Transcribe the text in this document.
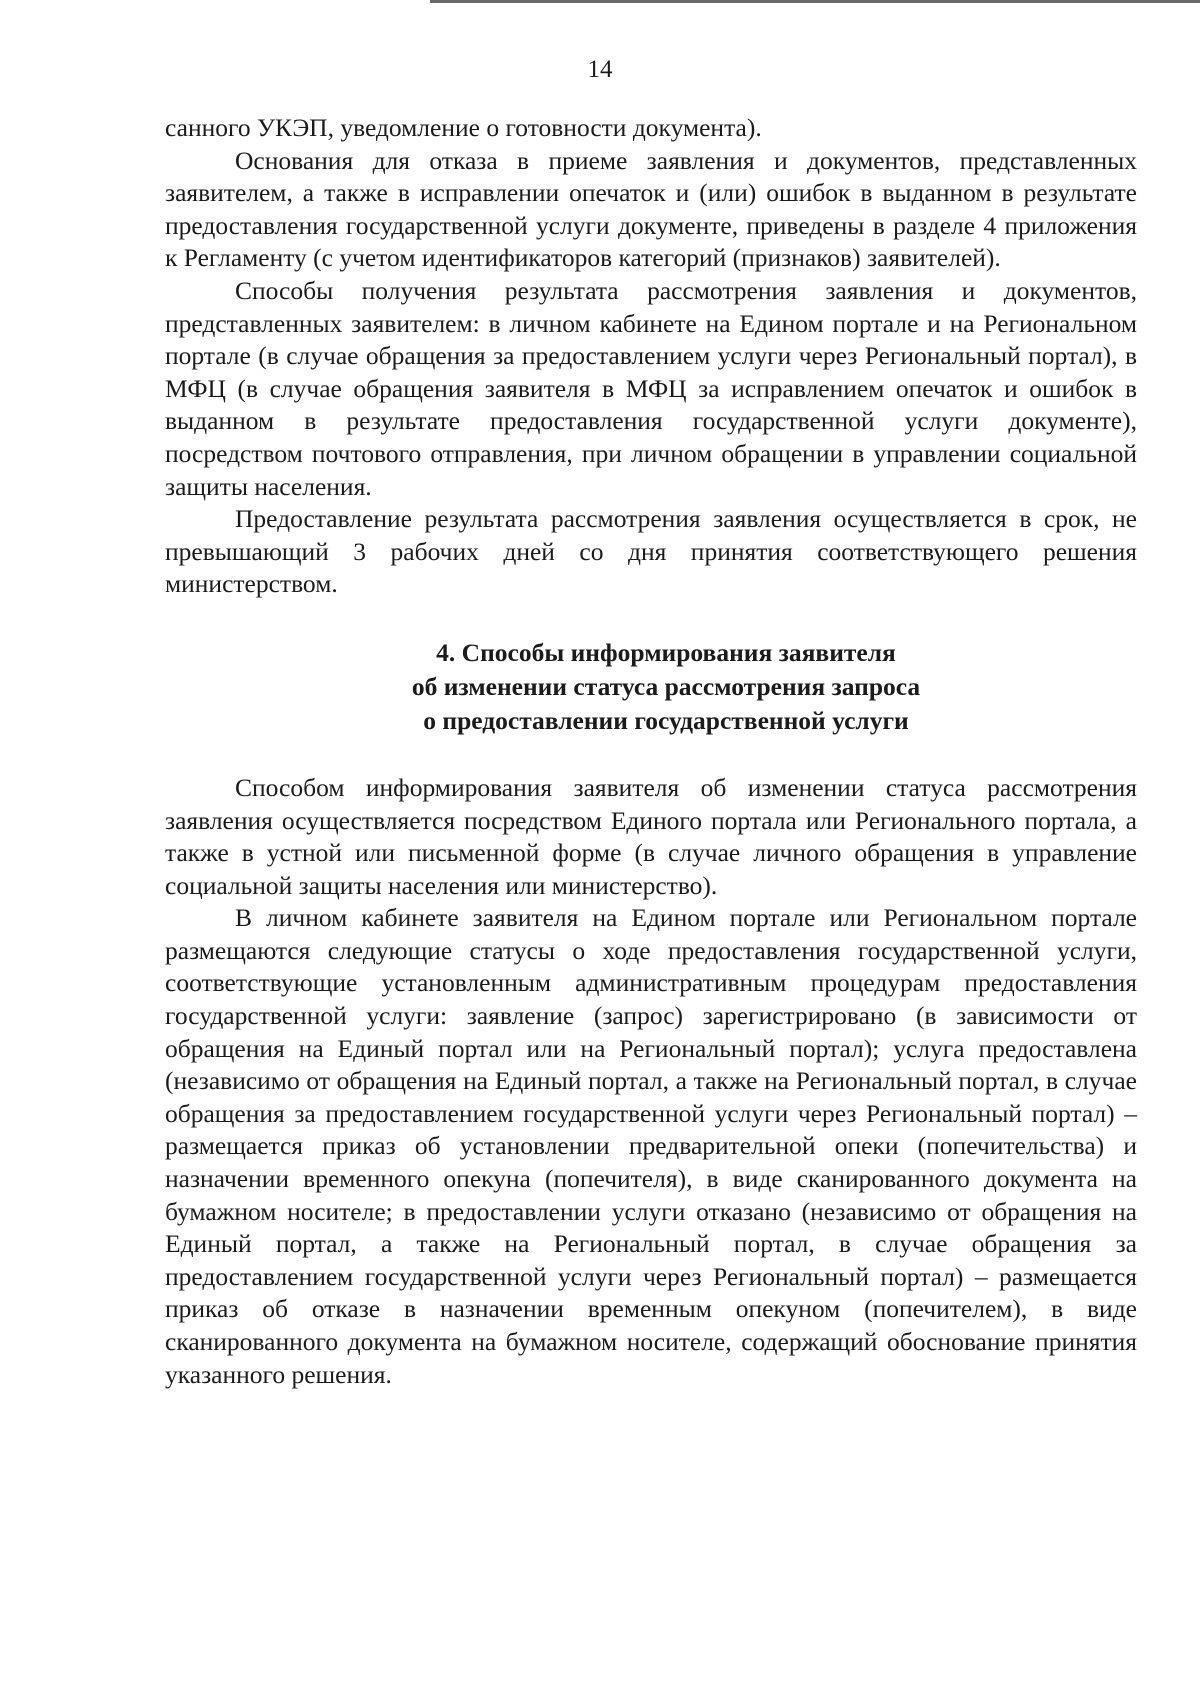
14

санного УКЭП, уведомление о готовности документа).

Основания для отказа в приеме заявления и документов, представленных заявителем, а также в исправлении опечаток и (или) ошибок в выданном в результате предоставления государственной услуги документе, приведены в разделе 4 приложения к Регламенту (с учетом идентификаторов категорий (признаков) заявителей).

Способы получения результата рассмотрения заявления и документов, представленных заявителем: в личном кабинете на Едином портале и на Региональном портале (в случае обращения за предоставлением услуги через Региональный портал), в МФЦ (в случае обращения заявителя в МФЦ за исправлением опечаток и ошибок в выданном в результате предоставления государственной услуги документе), посредством почтового отправления, при личном обращении в управлении социальной защиты населения.

Предоставление результата рассмотрения заявления осуществляется в срок, не превышающий 3 рабочих дней со дня принятия соответствующего решения министерством.

4. Способы информирования заявителя
об изменении статуса рассмотрения запроса
о предоставлении государственной услуги

Способом информирования заявителя об изменении статуса рассмотрения заявления осуществляется посредством Единого портала или Регионального портала, а также в устной или письменной форме (в случае личного обращения в управление социальной защиты населения или министерство).

В личном кабинете заявителя на Едином портале или Региональном портале размещаются следующие статусы о ходе предоставления государственной услуги, соответствующие установленным административным процедурам предоставления государственной услуги: заявление (запрос) зарегистрировано (в зависимости от обращения на Единый портал или на Региональный портал); услуга предоставлена (независимо от обращения на Единый портал, а также на Региональный портал, в случае обращения за предоставлением государственной услуги через Региональный портал) – размещается приказ об установлении предварительной опеки (попечительства) и назначении временного опекуна (попечителя), в виде сканированного документа на бумажном носителе; в предоставлении услуги отказано (независимо от обращения на Единый портал, а также на Региональный портал, в случае обращения за предоставлением государственной услуги через Региональный портал) – размещается приказ об отказе в назначении временным опекуном (попечителем), в виде сканированного документа на бумажном носителе, содержащий обоснование принятия указанного решения.
